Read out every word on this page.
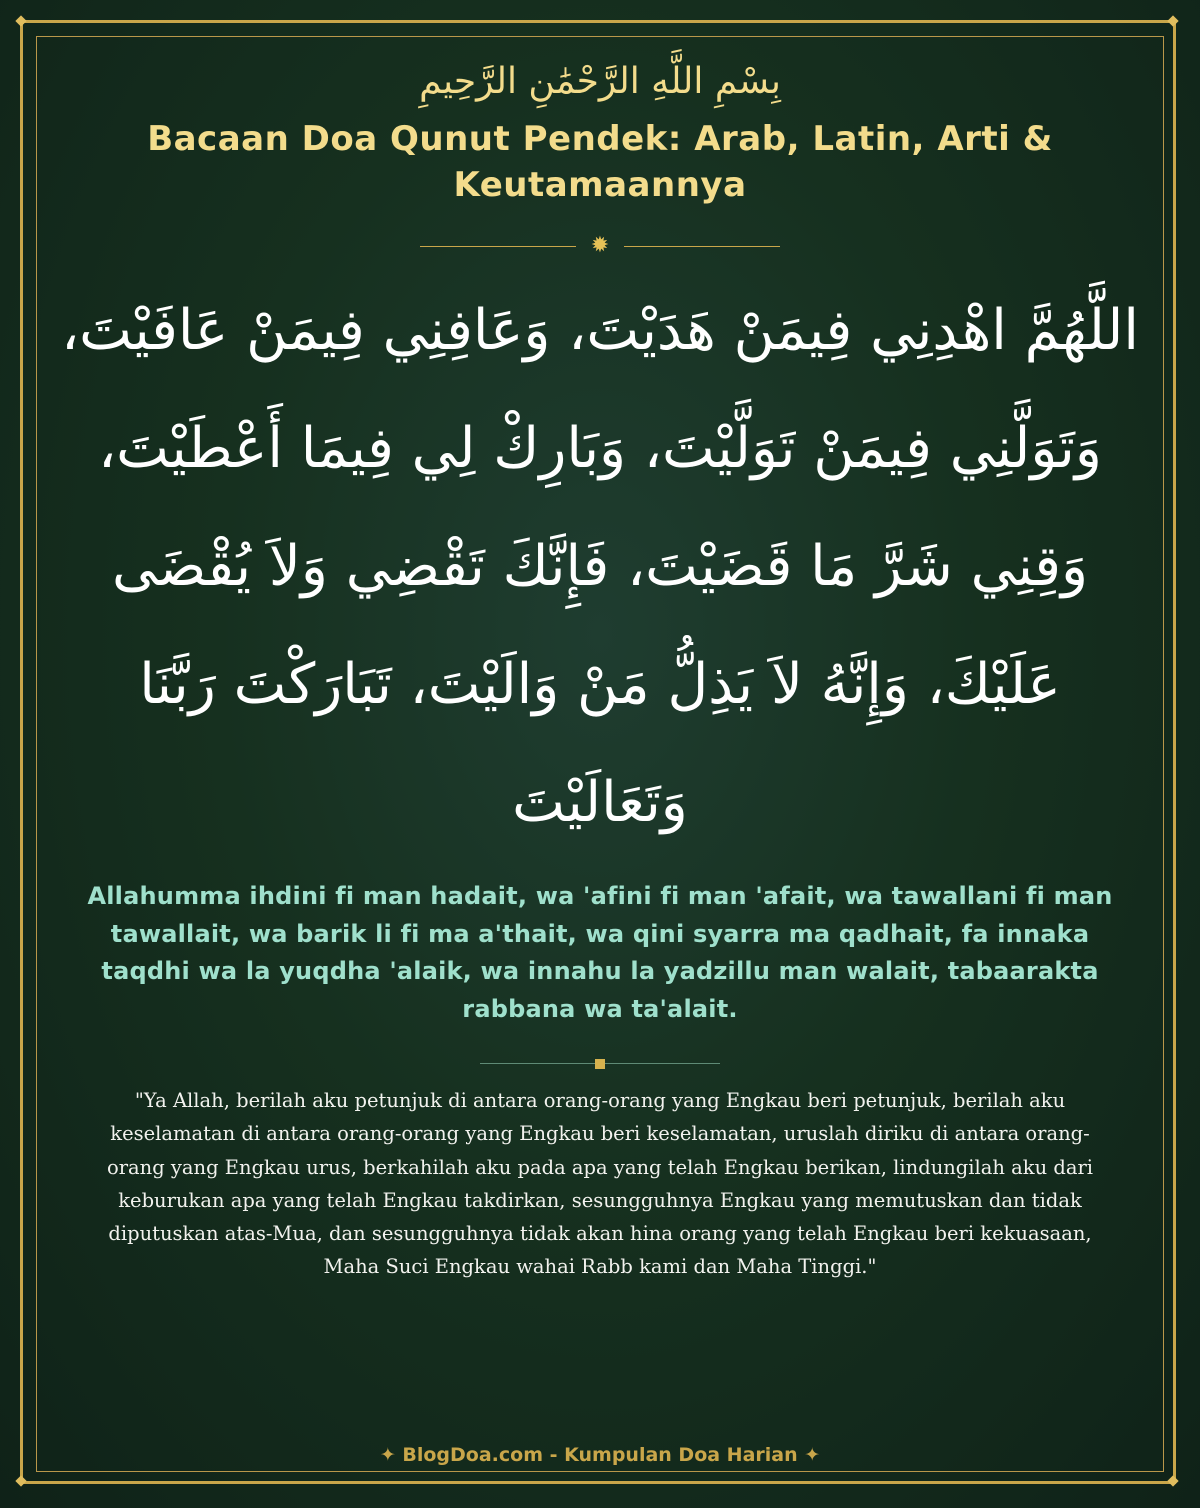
بِسْمِ اللَّهِ الرَّحْمَٰنِ الرَّحِيمِ
Bacaan Doa Qunut Pendek: Arab, Latin, Arti & Keutamaannya
✹
اللَّهُمَّ اهْدِنِي فِيمَنْ هَدَيْتَ، وَعَافِنِي فِيمَنْ عَافَيْتَ، وَتَوَلَّنِي فِيمَنْ تَوَلَّيْتَ، وَبَارِكْ لِي فِيمَا أَعْطَيْتَ، وَقِنِي شَرَّ مَا قَضَيْتَ، فَإِنَّكَ تَقْضِي وَلاَ يُقْضَى عَلَيْكَ، وَإِنَّهُ لاَ يَذِلُّ مَنْ وَالَيْتَ، تَبَارَكْتَ رَبَّنَا وَتَعَالَيْتَ
Allahumma ihdini fi man hadait, wa 'afini fi man 'afait, wa tawallani fi man tawallait, wa barik li fi ma a'thait, wa qini syarra ma qadhait, fa innaka taqdhi wa la yuqdha 'alaik, wa innahu la yadzillu man walait, tabaarakta rabbana wa ta'alait.
"Ya Allah, berilah aku petunjuk di antara orang-orang yang Engkau beri petunjuk, berilah aku keselamatan di antara orang-orang yang Engkau beri keselamatan, uruslah diriku di antara orang-orang yang Engkau urus, berkahilah aku pada apa yang telah Engkau berikan, lindungilah aku dari keburukan apa yang telah Engkau takdirkan, sesungguhnya Engkau yang memutuskan dan tidak diputuskan atas-Mua, dan sesungguhnya tidak akan hina orang yang telah Engkau beri kekuasaan, Maha Suci Engkau wahai Rabb kami dan Maha Tinggi."
✦ BlogDoa.com - Kumpulan Doa Harian ✦
